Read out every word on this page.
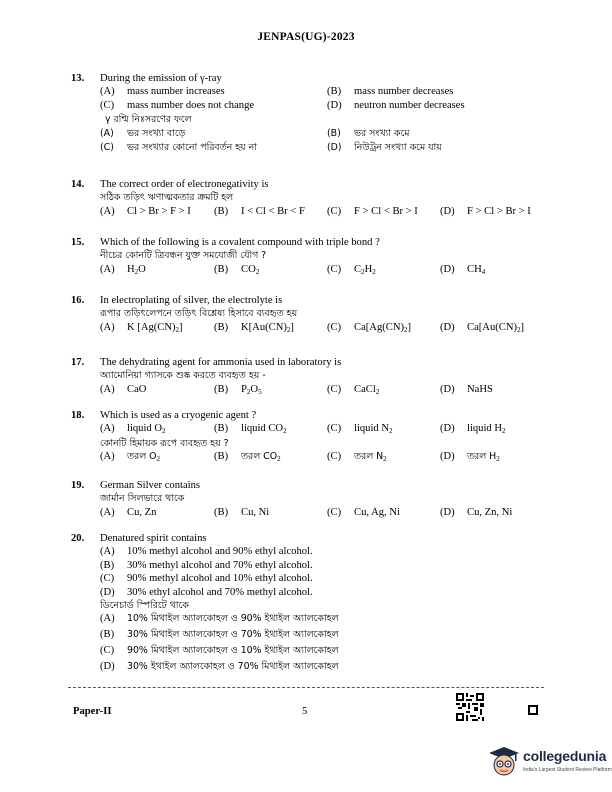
JENPAS(UG)-2023
13. During the emission of γ-ray
(A) mass number increases	(B) mass number decreases
(C) mass number does not change	(D) neutron number decreases
γ রশ্মি নিঃসরণের ফলে
(A) ভর সংখ্যা বাড়ে	(B) ভর সংখ্যা কমে
(C) ভর সংখ্যার কোনো পরিবর্তন হয় না	(D) নিউট্রন সংখ্যা কমে যায়
14. The correct order of electronegativity is
সঠিক তড়িৎ ঋণাত্মকতার ক্রমটি হল
(A) Cl > Br > F > I (B) I < Cl < Br < F (C) F > Cl < Br > I (D) F > Cl > Br > I
15. Which of the following is a covalent compound with triple bond ?
নীচের কোনটি ত্রিবন্ধন যুক্ত সমযোজী যৌগ ?
(A) $H_2O$	(B) $CO_2$	(C) $C_2H_2$	(D) $CH_4$
16. In electroplating of silver, the electrolyte is
রূপার তড়িৎলেপনে তড়িৎ বিশ্লেষ্য হিসাবে ব্যবহৃত হয়
(A) K $[Ag(CN)_2]$	(B) $K[Au(CN)_2]$	(C) $Ca[Ag(CN)_2]$	(D) $Ca[Au(CN)_2]$
17. The dehydrating agent for ammonia used in laboratory is
অ্যামোনিয়া গ্যাসকে শুষ্ক করতে ব্যবহৃত হয় -
(A) CaO	(B) $P_2O_5$	(C) CaCl$_2$	(D) NaHS
18. Which is used as a cryogenic agent ?
(A) liquid $O_2$	(B) liquid $CO_2$	(C) liquid $N_2$	(D) liquid $H_2$
কোনটি হিমায়ক রূপে ব্যবহৃত হয় ?
(A) তরল $O_2$	(B) তরল $CO_2$	(C) তরল $N_2$	(D) তরল $H_2$
19. German Silver contains
জার্মান সিলভারে থাকে
(A) Cu, Zn	(B) Cu, Ni	(C) Cu, Ag, Ni	(D) Cu, Zn, Ni
20. Denatured spirit contains
(A) 10% methyl alcohol and 90% ethyl alcohol.
(B) 30% methyl alcohol and 70% ethyl alcohol.
(C) 90% methyl alcohol and 10% ethyl alcohol.
(D) 30% ethyl alcohol and 70% methyl alcohol.
ডিনেচার্ড স্পিরিটে থাকে
(A) 10% মিথাইল অ্যালকোহল ও 90% ইথাইল অ্যালকোহল
(B) 30% মিথাইল অ্যালকোহল ও 70% ইথাইল অ্যালকোহল
(C) 90% মিথাইল অ্যালকোহল ও 10% ইথাইল অ্যালকোহল
(D) 30% ইথাইল অ্যালকোহল ও 70% মিথাইল অ্যালকোহল
Paper-II	5
collegedunia
India's Largest Student Review Platform
